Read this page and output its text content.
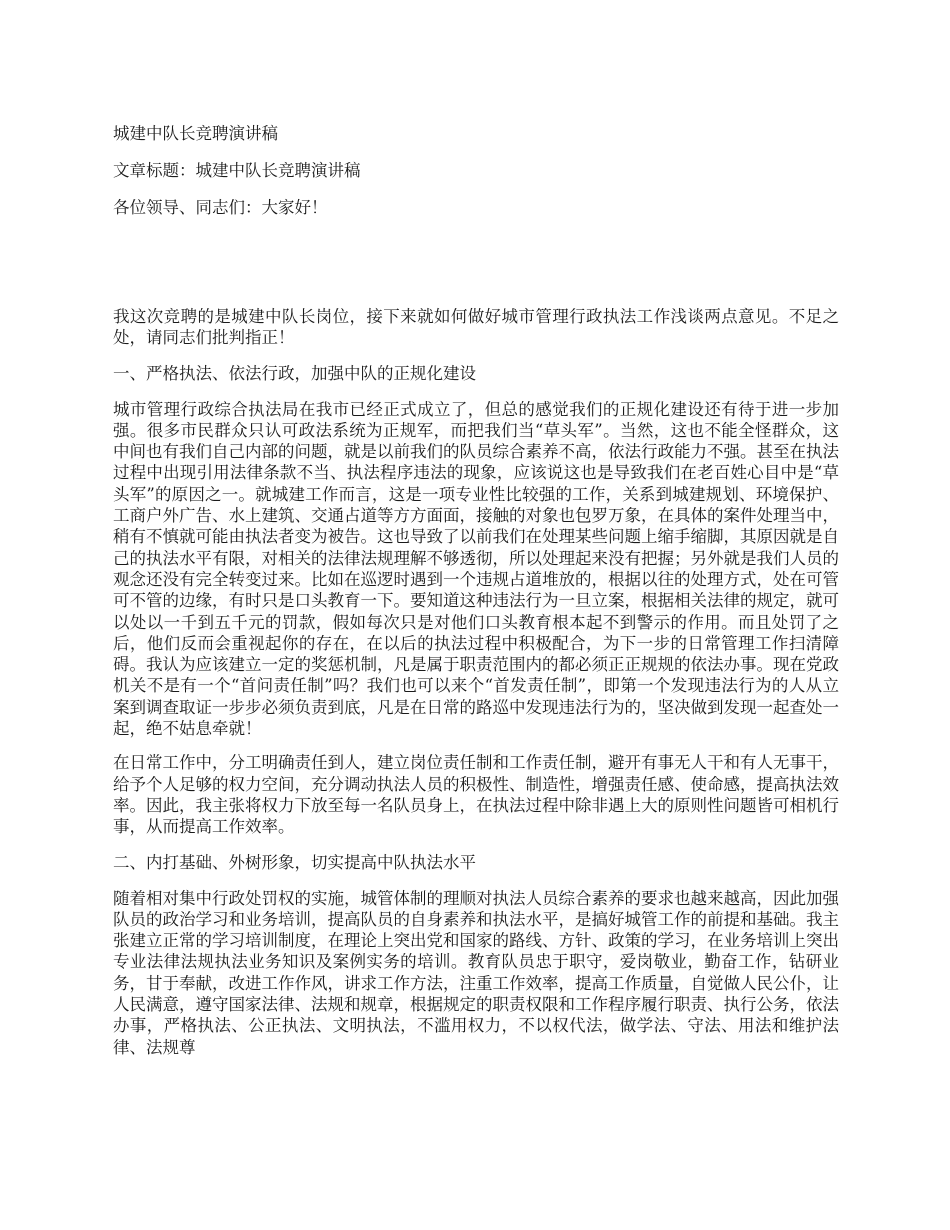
城建中队长竞聘演讲稿

文章标题：城建中队长竞聘演讲稿

各位领导、同志们：大家好！

我这次竞聘的是城建中队长岗位，接下来就如何做好城市管理行政执法工作浅谈两点意见。不足之处，请同志们批判指正！

一、严格执法、依法行政，加强中队的正规化建设

城市管理行政综合执法局在我市已经正式成立了，但总的感觉我们的正规化建设还有待于进一步加强。很多市民群众只认可政法系统为正规军，而把我们当“草头军”。当然，这也不能全怪群众，这中间也有我们自己内部的问题，就是以前我们的队员综合素养不高，依法行政能力不强。甚至在执法过程中出现引用法律条款不当、执法程序违法的现象，应该说这也是导致我们在老百姓心目中是“草头军”的原因之一。就城建工作而言，这是一项专业性比较强的工作，关系到城建规划、环境保护、工商户外广告、水上建筑、交通占道等方方面面，接触的对象也包罗万象，在具体的案件处理当中，稍有不慎就可能由执法者变为被告。这也导致了以前我们在处理某些问题上缩手缩脚，其原因就是自己的执法水平有限，对相关的法律法规理解不够透彻，所以处理起来没有把握；另外就是我们人员的观念还没有完全转变过来。比如在巡逻时遇到一个违规占道堆放的，根据以往的处理方式，处在可管可不管的边缘，有时只是口头教育一下。要知道这种违法行为一旦立案，根据相关法律的规定，就可以处以一千到五千元的罚款，假如每次只是对他们口头教育根本起不到警示的作用。而且处罚了之后，他们反而会重视起你的存在，在以后的执法过程中积极配合，为下一步的日常管理工作扫清障碍。我认为应该建立一定的奖惩机制，凡是属于职责范围内的都必须正正规规的依法办事。现在党政机关不是有一个“首问责任制”吗？我们也可以来个“首发责任制”，即第一个发现违法行为的人从立案到调查取证一步步必须负责到底，凡是在日常的路巡中发现违法行为的，坚决做到发现一起查处一起，绝不姑息牵就！

在日常工作中，分工明确责任到人，建立岗位责任制和工作责任制，避开有事无人干和有人无事干，给予个人足够的权力空间，充分调动执法人员的积极性、制造性，增强责任感、使命感，提高执法效率。因此，我主张将权力下放至每一名队员身上，在执法过程中除非遇上大的原则性问题皆可相机行事，从而提高工作效率。

二、内打基础、外树形象，切实提高中队执法水平

随着相对集中行政处罚权的实施，城管体制的理顺对执法人员综合素养的要求也越来越高，因此加强队员的政治学习和业务培训，提高队员的自身素养和执法水平，是搞好城管工作的前提和基础。我主张建立正常的学习培训制度，在理论上突出党和国家的路线、方针、政策的学习，在业务培训上突出专业法律法规执法业务知识及案例实务的培训。教育队员忠于职守，爱岗敬业，勤奋工作，钻研业务，甘于奉献，改进工作作风，讲求工作方法，注重工作效率，提高工作质量，自觉做人民公仆，让人民满意，遵守国家法律、法规和规章，根据规定的职责权限和工作程序履行职责、执行公务，依法办事，严格执法、公正执法、文明执法，不滥用权力，不以权代法，做学法、守法、用法和维护法律、法规尊
